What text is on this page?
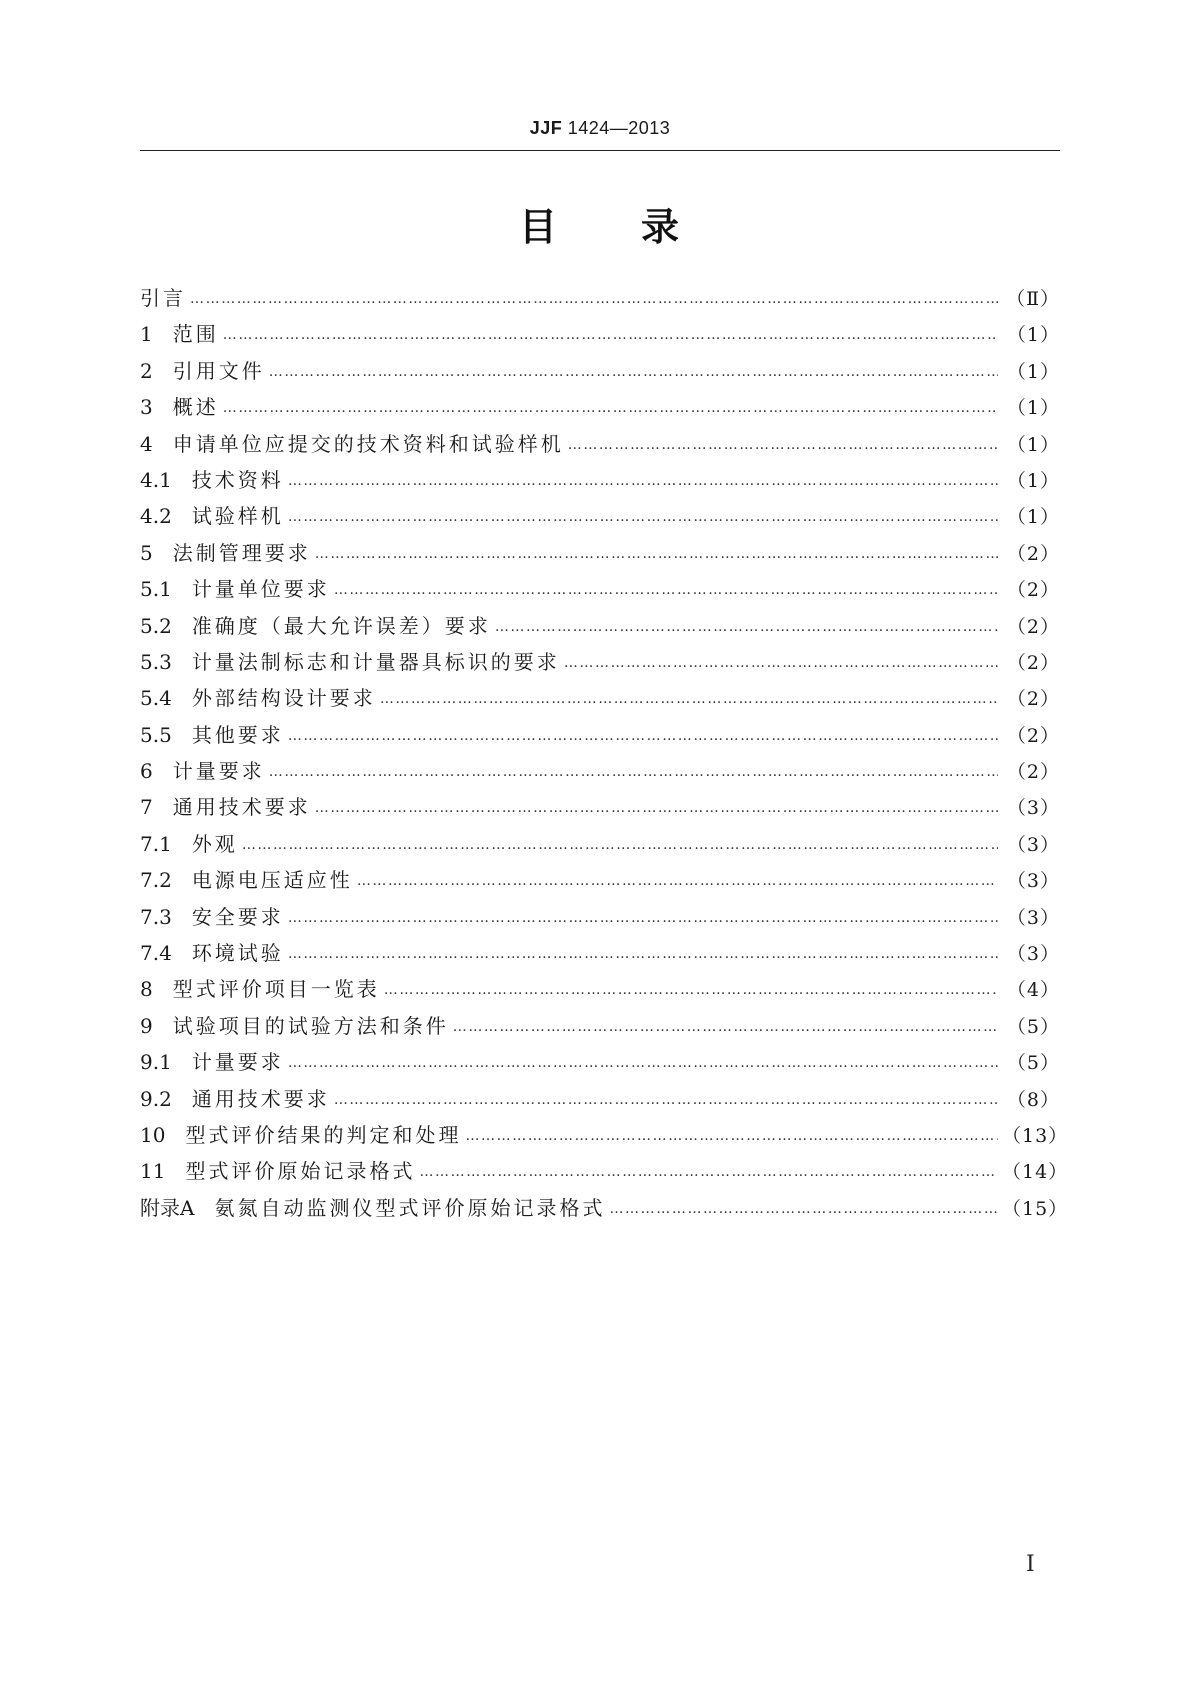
JJF 1424—2013
目 录
引言 ………………………………………………………………………………………………………………………………………………………………………………………………………………………………………………………	（Ⅱ）
1　 范围 ………………………………………………………………………………………………………………………………………………………………………………………………………………………………………………………	（1）
2　 引用文件 ………………………………………………………………………………………………………………………………………………………………………………………………………………………………………………………	（1）
3　 概述 ………………………………………………………………………………………………………………………………………………………………………………………………………………………………………………………	（1）
4　 申请单位应提交的技术资料和试验样机 ………………………………………………………………………………………………………………………………………………………………………………………………………………………………………………………	（1）
4.1　 技术资料 ………………………………………………………………………………………………………………………………………………………………………………………………………………………………………………………	（1）
4.2　 试验样机 ………………………………………………………………………………………………………………………………………………………………………………………………………………………………………………………	（1）
5　 法制管理要求 ………………………………………………………………………………………………………………………………………………………………………………………………………………………………………………………	（2）
5.1　 计量单位要求 ………………………………………………………………………………………………………………………………………………………………………………………………………………………………………………………	（2）
5.2　 准确度（最大允许误差）要求 ………………………………………………………………………………………………………………………………………………………………………………………………………………………………………………………	（2）
5.3　 计量法制标志和计量器具标识的要求 ………………………………………………………………………………………………………………………………………………………………………………………………………………………………………………………	（2）
5.4　 外部结构设计要求 ………………………………………………………………………………………………………………………………………………………………………………………………………………………………………………………	（2）
5.5　 其他要求 ………………………………………………………………………………………………………………………………………………………………………………………………………………………………………………………	（2）
6　 计量要求 ………………………………………………………………………………………………………………………………………………………………………………………………………………………………………………………	（2）
7　 通用技术要求 ………………………………………………………………………………………………………………………………………………………………………………………………………………………………………………………	（3）
7.1　 外观 ………………………………………………………………………………………………………………………………………………………………………………………………………………………………………………………	（3）
7.2　 电源电压适应性 ………………………………………………………………………………………………………………………………………………………………………………………………………………………………………………………	（3）
7.3　 安全要求 ………………………………………………………………………………………………………………………………………………………………………………………………………………………………………………………	（3）
7.4　 环境试验 ………………………………………………………………………………………………………………………………………………………………………………………………………………………………………………………	（3）
8　 型式评价项目一览表 ………………………………………………………………………………………………………………………………………………………………………………………………………………………………………………………	（4）
9　 试验项目的试验方法和条件 ………………………………………………………………………………………………………………………………………………………………………………………………………………………………………………………	（5）
9.1　 计量要求 ………………………………………………………………………………………………………………………………………………………………………………………………………………………………………………………	（5）
9.2　 通用技术要求 ………………………………………………………………………………………………………………………………………………………………………………………………………………………………………………………	（8）
10　 型式评价结果的判定和处理 ………………………………………………………………………………………………………………………………………………………………………………………………………………………………………………………	（13）
11　 型式评价原始记录格式 ………………………………………………………………………………………………………………………………………………………………………………………………………………………………………………………	（14）
附录A　 氨氮自动监测仪型式评价原始记录格式 ………………………………………………………………………………………………………………………………………………………………………………………………………………………………………………………	（15）
I
